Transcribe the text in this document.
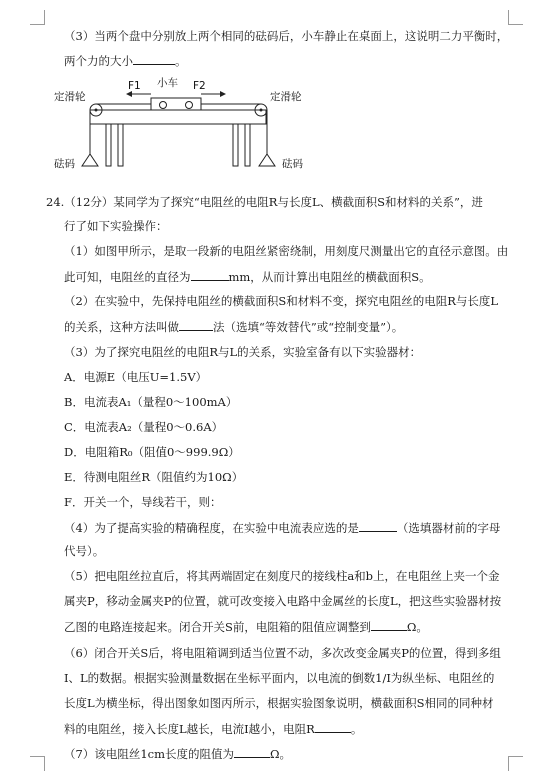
（3）当两个盘中分别放上两个相同的砝码后，小车静止在桌面上，这说明二力平衡时，
两个力的大小	。
小车
F1	F2
定滑轮	定滑轮
砝码	砝码
24.（12分）某同学为了探究“电阻丝的电阻R与长度L、横截面积S和材料的关系”，进
行了如下实验操作：
（1）如图甲所示，是取一段新的电阻丝紧密绕制，用刻度尺测量出它的直径示意图。由
此可知，电阻丝的直径为	mm，从而计算出电阻丝的横截面积S。
（2）在实验中，先保持电阻丝的横截面积S和材料不变，探究电阻丝的电阻R与长度L
的关系，这种方法叫做	法（选填“等效替代”或“控制变量”）。
（3）为了探究电阻丝的电阻R与L的关系，实验室备有以下实验器材：
A．电源E（电压U=1.5V）
B．电流表A₁（量程0～100mA）
C．电流表A₂（量程0～0.6A）
D．电阻箱R₀（阻值0～999.9Ω）
E．待测电阻丝R（阻值约为10Ω）
F．开关一个，导线若干，则：
（4）为了提高实验的精确程度，在实验中电流表应选的是	（选填器材前的字母
代号）。
（5）把电阻丝拉直后，将其两端固定在刻度尺的接线柱a和b上，在电阻丝上夹一个金
属夹P，移动金属夹P的位置，就可改变接入电路中金属丝的长度L，把这些实验器材按
乙图的电路连接起来。闭合开关S前，电阻箱的阻值应调整到	Ω。
（6）闭合开关S后，将电阻箱调到适当位置不动，多次改变金属夹P的位置，得到多组
I、L的数据。根据实验测量数据在坐标平面内，以电流的倒数1/I为纵坐标、电阻丝的
长度L为横坐标，得出图象如图丙所示，根据实验图象说明，横截面积S相同的同种材
料的电阻丝，接入长度L越长，电流I越小，电阻R	。
（7）该电阻丝1cm长度的阻值为	Ω。
